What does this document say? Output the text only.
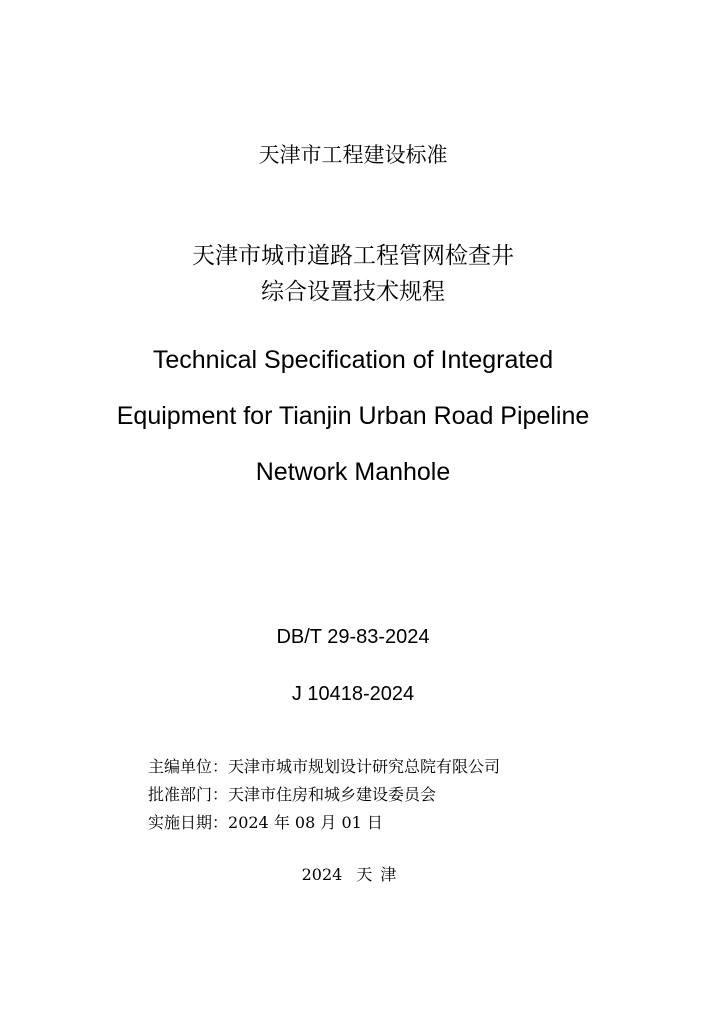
天津市工程建设标准
天津市城市道路工程管网检查井
综合设置技术规程
Technical Specification of Integrated
Equipment for Tianjin Urban Road Pipeline
Network Manhole
DB/T 29-83-2024
J 10418-2024
主编单位：天津市城市规划设计研究总院有限公司
批准部门：天津市住房和城乡建设委员会
实施日期：2024 年 08 月 01 日
2024 天津
